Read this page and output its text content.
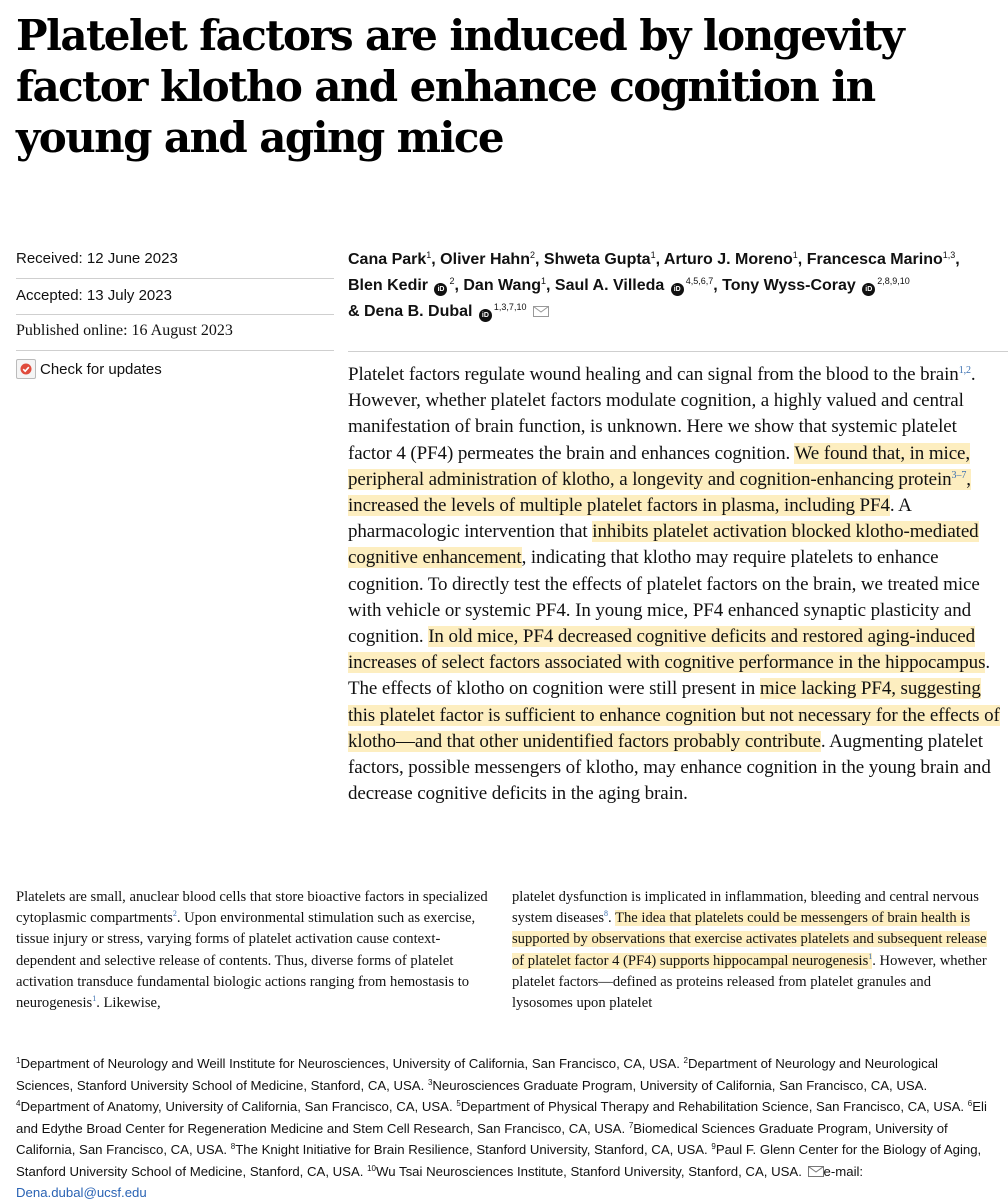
Platelet factors are induced by longevity factor klotho and enhance cognition in young and aging mice
Received: 12 June 2023
Accepted: 13 July 2023
Published online: 16 August 2023
Check for updates

Cana Park$^1$, Oliver Hahn$^2$, Shweta Gupta$^1$, Arturo J. Moreno$^1$, Francesca Marino$^{1,3}$, Blen Kedir $iD^2$, Dan Wang$^1$, Saul A. Villeda iD$^{4,5,6,7}$, Tony Wyss-Coray iD$^{2,8,9,10}$
& Dena B. Dubal iD$^{1,3,7,10}$

Platelet factors regulate wound healing and can signal from the blood to the brain$^{1,2}$. However, whether platelet factors modulate cognition, a highly valued and central manifestation of brain function, is unknown. Here we show that systemic platelet factor 4 (PF4) permeates the brain and enhances cognition. We found that, in mice, peripheral administration of klotho, a longevity and cognition-enhancing protein$^{3-7}$, increased the levels of multiple platelet factors in plasma, including PF4. A pharmacologic intervention that inhibits platelet activation blocked klotho-mediated cognitive enhancement, indicating that klotho may require platelets to enhance cognition. To directly test the effects of platelet factors on the brain, we treated mice with vehicle or systemic PF4. In young mice, PF4 enhanced synaptic plasticity and cognition. In old mice, PF4 decreased cognitive deficits and restored aging-induced increases of select factors associated with cognitive performance in the hippocampus. The effects of klotho on cognition were still present in mice lacking PF4, suggesting this platelet factor is sufficient to enhance cognition but not necessary for the effects of klotho—and that other unidentified factors probably contribute. Augmenting platelet factors, possible messengers of klotho, may enhance cognition in the young brain and decrease cognitive deficits in the aging brain.

Platelets are small, anuclear blood cells that store bioactive factors in specialized cytoplasmic compartments$^2$. Upon environmental stimulation such as exercise, tissue injury or stress, varying forms of platelet activation cause context-dependent and selective release of contents. Thus, diverse forms of platelet activation transduce fundamental biologic actions ranging from hemostasis to neurogenesis$^1$. Likewise,

platelet dysfunction is implicated in inflammation, bleeding and central nervous system diseases$^8$. The idea that platelets could be messengers of brain health is supported by observations that exercise activates platelets and subsequent release of platelet factor 4 (PF4) supports hippocampal neurogenesis$^1$. However, whether platelet factors—defined as proteins released from platelet granules and lysosomes upon platelet

$^1$Department of Neurology and Weill Institute for Neurosciences, University of California, San Francisco, CA, USA. $^2$Department of Neurology and Neurological Sciences, Stanford University School of Medicine, Stanford, CA, USA. $^3$Neurosciences Graduate Program, University of California, San Francisco, CA, USA. $^4$Department of Anatomy, University of California, San Francisco, CA, USA. $^5$Department of Physical Therapy and Rehabilitation Science, San Francisco, CA, USA. $^6$Eli and Edythe Broad Center for Regeneration Medicine and Stem Cell Research, San Francisco, CA, USA. $^7$Biomedical Sciences Graduate Program, University of California, San Francisco, CA, USA. $^8$The Knight Initiative for Brain Resilience, Stanford University, Stanford, CA, USA. $^9$Paul F. Glenn Center for the Biology of Aging, Stanford University School of Medicine, Stanford, CA, USA. $^{10}$Wu Tsai Neurosciences Institute, Stanford University, Stanford, CA, USA. e-mail: Dena.dubal@ucsf.edu
